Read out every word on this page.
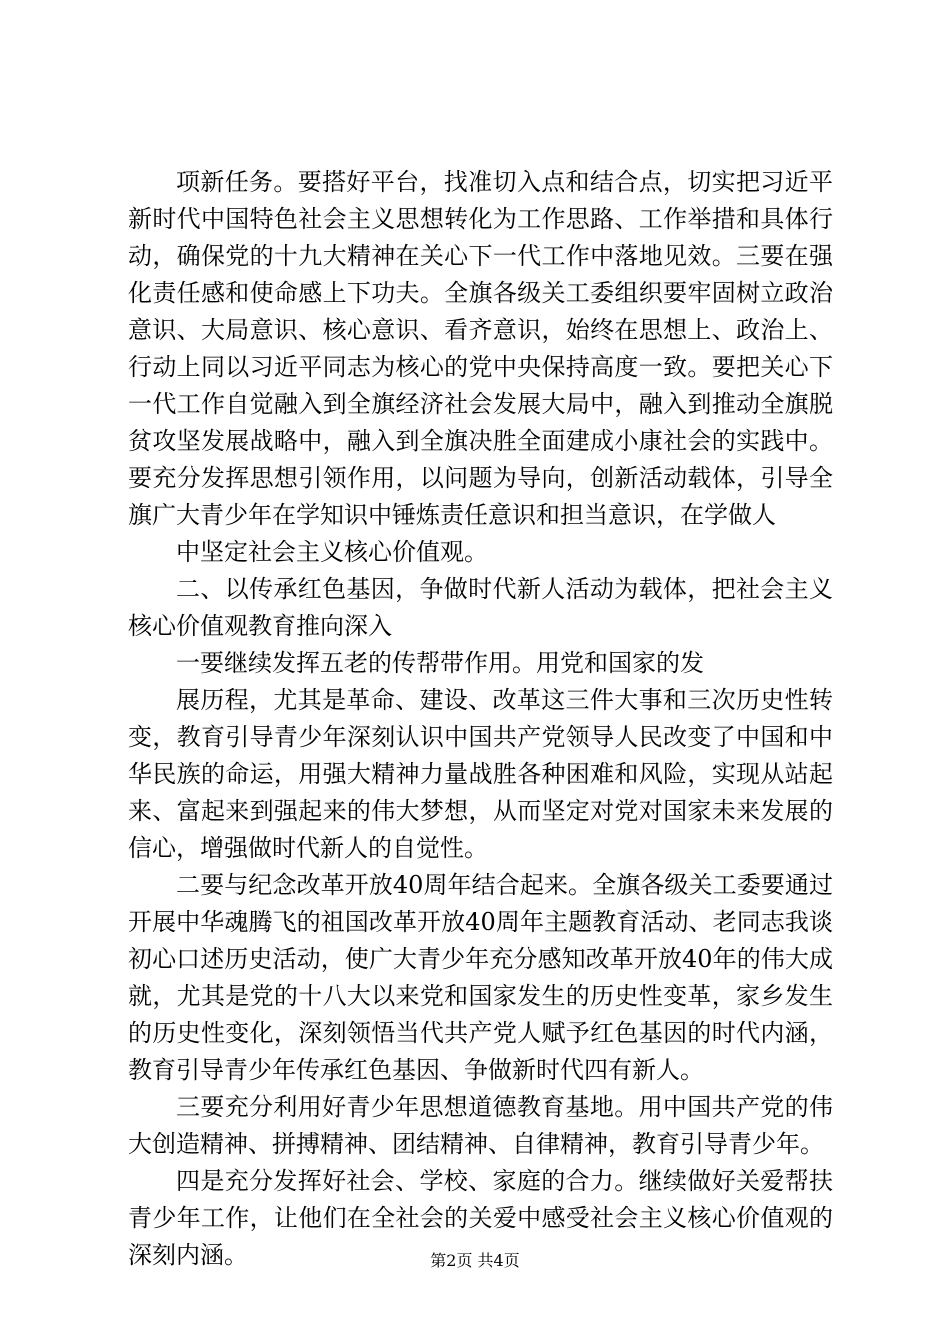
项新任务。要搭好平台，找准切入点和结合点，切实把习近平新时代中国特色社会主义思想转化为工作思路、工作举措和具体行动，确保党的十九大精神在关心下一代工作中落地见效。三要在强化责任感和使命感上下功夫。全旗各级关工委组织要牢固树立政治意识、大局意识、核心意识、看齐意识，始终在思想上、政治上、行动上同以习近平同志为核心的党中央保持高度一致。要把关心下一代工作自觉融入到全旗经济社会发展大局中，融入到推动全旗脱贫攻坚发展战略中，融入到全旗决胜全面建成小康社会的实践中。要充分发挥思想引领作用，以问题为导向，创新活动载体，引导全旗广大青少年在学知识中锤炼责任意识和担当意识，在学做人

中坚定社会主义核心价值观。

二、以传承红色基因，争做时代新人活动为载体，把社会主义核心价值观教育推向深入

一要继续发挥五老的传帮带作用。用党和国家的发

展历程，尤其是革命、建设、改革这三件大事和三次历史性转变，教育引导青少年深刻认识中国共产党领导人民改变了中国和中华民族的命运，用强大精神力量战胜各种困难和风险，实现从站起来、富起来到强起来的伟大梦想，从而坚定对党对国家未来发展的信心，增强做时代新人的自觉性。

二要与纪念改革开放40周年结合起来。全旗各级关工委要通过开展中华魂腾飞的祖国改革开放40周年主题教育活动、老同志我谈初心口述历史活动，使广大青少年充分感知改革开放40年的伟大成就，尤其是党的十八大以来党和国家发生的历史性变革，家乡发生的历史性变化，深刻领悟当代共产党人赋予红色基因的时代内涵，教育引导青少年传承红色基因、争做新时代四有新人。

三要充分利用好青少年思想道德教育基地。用中国共产党的伟大创造精神、拼搏精神、团结精神、自律精神，教育引导青少年。

四是充分发挥好社会、学校、家庭的合力。继续做好关爱帮扶青少年工作，让他们在全社会的关爱中感受社会主义核心价值观的深刻内涵。	第2页 共4页
